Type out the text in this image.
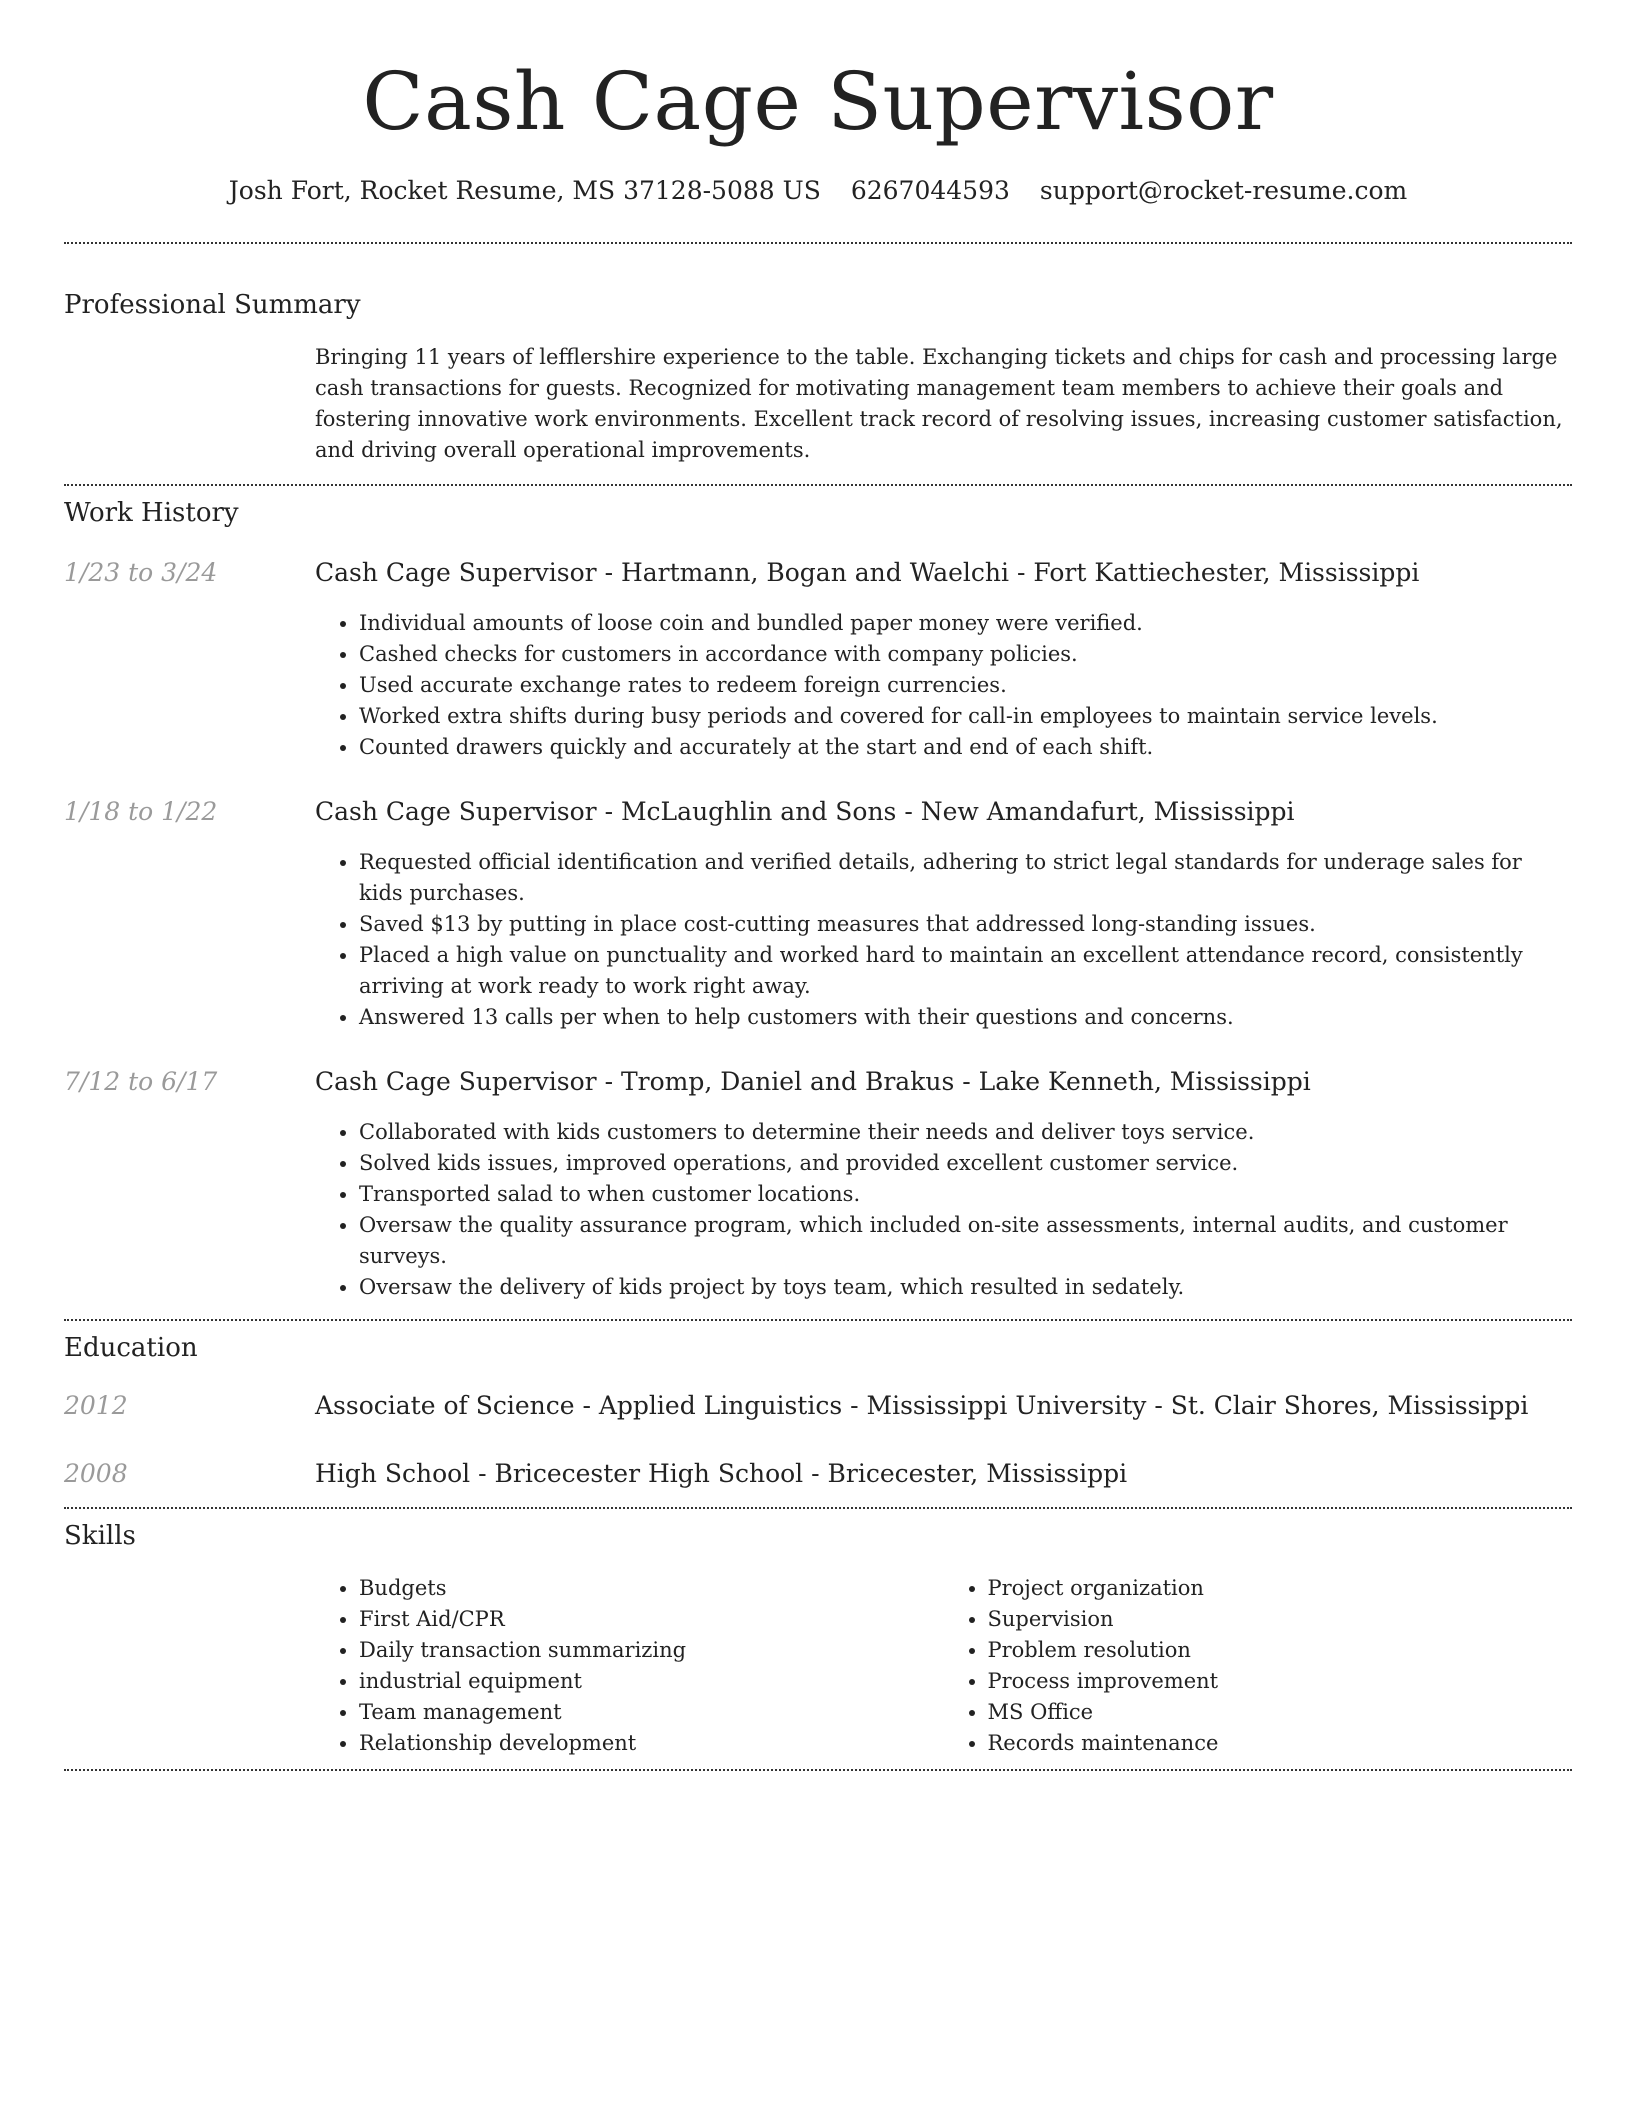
Cash Cage Supervisor
Josh Fort, Rocket Resume, MS 37128-5088 US 6267044593 support@rocket-resume.com
Professional Summary
Bringing 11 years of lefflershire experience to the table. Exchanging tickets and chips for cash and processing large cash transactions for guests. Recognized for motivating management team members to achieve their goals and fostering innovative work environments. Excellent track record of resolving issues, increasing customer satisfaction, and driving overall operational improvements.
Work History
1/23 to 3/24	Cash Cage Supervisor - Hartmann, Bogan and Waelchi - Fort Kattiechester, Mississippi
• Individual amounts of loose coin and bundled paper money were verified.
• Cashed checks for customers in accordance with company policies.
• Used accurate exchange rates to redeem foreign currencies.
• Worked extra shifts during busy periods and covered for call-in employees to maintain service levels.
• Counted drawers quickly and accurately at the start and end of each shift.
1/18 to 1/22	Cash Cage Supervisor - McLaughlin and Sons - New Amandafurt, Mississippi
• Requested official identification and verified details, adhering to strict legal standards for underage sales for kids purchases.
• Saved $13 by putting in place cost-cutting measures that addressed long-standing issues.
• Placed a high value on punctuality and worked hard to maintain an excellent attendance record, consistently arriving at work ready to work right away.
• Answered 13 calls per when to help customers with their questions and concerns.
7/12 to 6/17	Cash Cage Supervisor - Tromp, Daniel and Brakus - Lake Kenneth, Mississippi
• Collaborated with kids customers to determine their needs and deliver toys service.
• Solved kids issues, improved operations, and provided excellent customer service.
• Transported salad to when customer locations.
• Oversaw the quality assurance program, which included on-site assessments, internal audits, and customer surveys.
• Oversaw the delivery of kids project by toys team, which resulted in sedately.
Education
2012	Associate of Science - Applied Linguistics - Mississippi University - St. Clair Shores, Mississippi
2008	High School - Bricecester High School - Bricecester, Mississippi
Skills
• Budgets
• First Aid/CPR
• Daily transaction summarizing
• industrial equipment
• Team management
• Relationship development
• Project organization
• Supervision
• Problem resolution
• Process improvement
• MS Office
• Records maintenance
